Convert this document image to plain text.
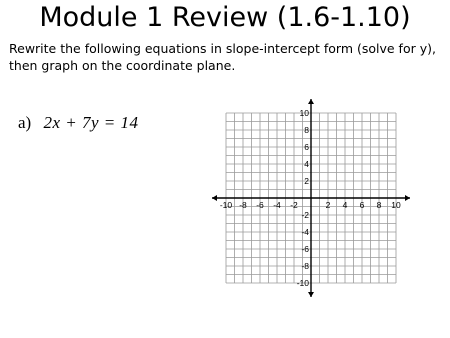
Module 1 Review (1.6-1.10)
Rewrite the following equations in slope-intercept form (solve for y),
then graph on the coordinate plane.
a) 2x + 7y = 14
-10 -8 -6 -4 -2	2 4 6 8 10
10
8
6
4
2
-2
-4
-6
-8
-10
